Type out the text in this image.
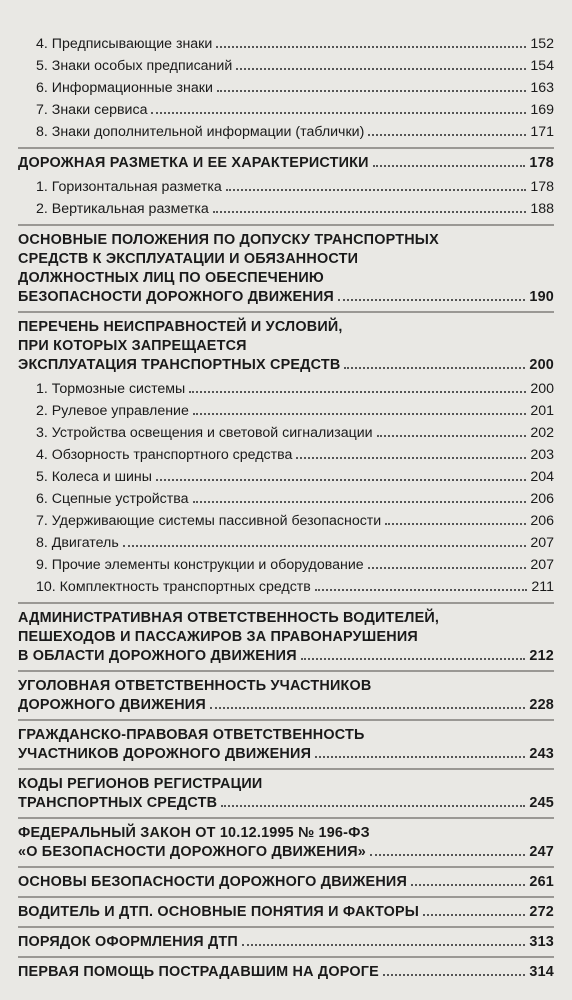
4. Предписывающие знаки	152
5. Знаки особых предписаний	154
6. Информационные знаки	163
7. Знаки сервиса	169
8. Знаки дополнительной информации (таблички)	171
ДОРОЖНАЯ РАЗМЕТКА И ЕЕ ХАРАКТЕРИСТИКИ	178
1. Горизонтальная разметка	178
2. Вертикальная разметка	188
ОСНОВНЫЕ ПОЛОЖЕНИЯ ПО ДОПУСКУ ТРАНСПОРТНЫХ
СРЕДСТВ К ЭКСПЛУАТАЦИИ И ОБЯЗАННОСТИ
ДОЛЖНОСТНЫХ ЛИЦ ПО ОБЕСПЕЧЕНИЮ
БЕЗОПАСНОСТИ ДОРОЖНОГО ДВИЖЕНИЯ	190
ПЕРЕЧЕНЬ НЕИСПРАВНОСТЕЙ И УСЛОВИЙ,
ПРИ КОТОРЫХ ЗАПРЕЩАЕТСЯ
ЭКСПЛУАТАЦИЯ ТРАНСПОРТНЫХ СРЕДСТВ	200
1. Тормозные системы	200
2. Рулевое управление	201
3. Устройства освещения и световой сигнализации	202
4. Обзорность транспортного средства	203
5. Колеса и шины	204
6. Сцепные устройства	206
7. Удерживающие системы пассивной безопасности	206
8. Двигатель	207
9. Прочие элементы конструкции и оборудование	207
10. Комплектность транспортных средств	211
АДМИНИСТРАТИВНАЯ ОТВЕТСТВЕННОСТЬ ВОДИТЕЛЕЙ,
ПЕШЕХОДОВ И ПАССАЖИРОВ ЗА ПРАВОНАРУШЕНИЯ
В ОБЛАСТИ ДОРОЖНОГО ДВИЖЕНИЯ	212
УГОЛОВНАЯ ОТВЕТСТВЕННОСТЬ УЧАСТНИКОВ
ДОРОЖНОГО ДВИЖЕНИЯ	228
ГРАЖДАНСКО-ПРАВОВАЯ ОТВЕТСТВЕННОСТЬ
УЧАСТНИКОВ ДОРОЖНОГО ДВИЖЕНИЯ	243
КОДЫ РЕГИОНОВ РЕГИСТРАЦИИ
ТРАНСПОРТНЫХ СРЕДСТВ	245
ФЕДЕРАЛЬНЫЙ ЗАКОН ОТ 10.12.1995 № 196-ФЗ
«О БЕЗОПАСНОСТИ ДОРОЖНОГО ДВИЖЕНИЯ»	247
ОСНОВЫ БЕЗОПАСНОСТИ ДОРОЖНОГО ДВИЖЕНИЯ	261
ВОДИТЕЛЬ И ДТП. ОСНОВНЫЕ ПОНЯТИЯ И ФАКТОРЫ	272
ПОРЯДОК ОФОРМЛЕНИЯ ДТП	313
ПЕРВАЯ ПОМОЩЬ ПОСТРАДАВШИМ НА ДОРОГЕ	314
